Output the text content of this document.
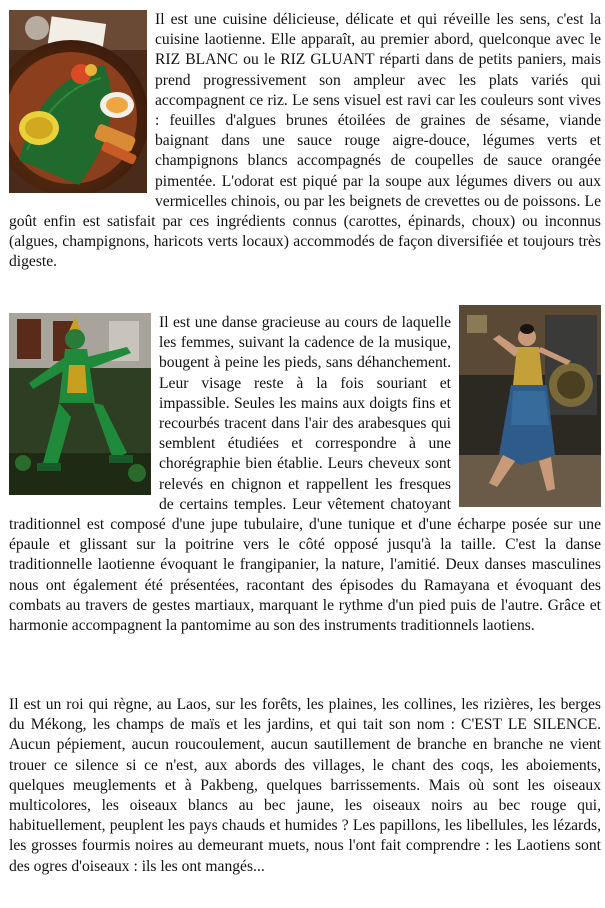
Il est une cuisine délicieuse, délicate et qui réveille les sens, c'est la cuisine laotienne. Elle apparaît, au premier abord, quelconque avec le RIZ BLANC ou le RIZ GLUANT réparti dans de petits paniers, mais prend progressivement son ampleur avec les plats variés qui accompagnent ce riz. Le sens visuel est ravi car les couleurs sont vives : feuilles d'algues brunes étoilées de graines de sésame, viande baignant dans une sauce rouge aigre-douce, légumes verts et champignons blancs accompagnés de coupelles de sauce orangée pimentée. L'odorat est piqué par la soupe aux légumes divers ou aux vermicelles chinois, ou par les beignets de crevettes ou de poissons. Le goût enfin est satisfait par ces ingrédients connus (carottes, épinards, choux) ou inconnus (algues, champignons, haricots verts locaux) accommodés de façon diversifiée et toujours très digeste.

Il est une danse gracieuse au cours de laquelle les femmes, suivant la cadence de la musique, bougent à peine les pieds, sans déhanchement. Leur visage reste à la fois souriant et impassible. Seules les mains aux doigts fins et recourbés tracent dans l'air des arabesques qui semblent étudiées et correspondre à une chorégraphie bien établie. Leurs cheveux sont relevés en chignon et rappellent les fresques de certains temples. Leur vêtement chatoyant traditionnel est composé d'une jupe tubulaire, d'une tunique et d'une écharpe posée sur une épaule et glissant sur la poitrine vers le côté opposé jusqu'à la taille. C'est la danse traditionnelle laotienne évoquant le frangipanier, la nature, l'amitié. Deux danses masculines nous ont également été présentées, racontant des épisodes du Ramayana et évoquant des combats au travers de gestes martiaux, marquant le rythme d'un pied puis de l'autre. Grâce et harmonie accompagnent la pantomime au son des instruments traditionnels laotiens.

Il est un roi qui règne, au Laos, sur les forêts, les plaines, les collines, les rizières, les berges du Mékong, les champs de maïs et les jardins, et qui tait son nom : C'EST LE SILENCE. Aucun pépiement, aucun roucoulement, aucun sautillement de branche en branche ne vient trouer ce silence si ce n'est, aux abords des villages, le chant des coqs, les aboiements, quelques meuglements et à Pakbeng, quelques barrissements. Mais où sont les oiseaux multicolores, les oiseaux blancs au bec jaune, les oiseaux noirs au bec rouge qui, habituellement, peuplent les pays chauds et humides ? Les papillons, les libellules, les lézards, les grosses fourmis noires au demeurant muets, nous l'ont fait comprendre : les Laotiens sont des ogres d'oiseaux : ils les ont mangés...
